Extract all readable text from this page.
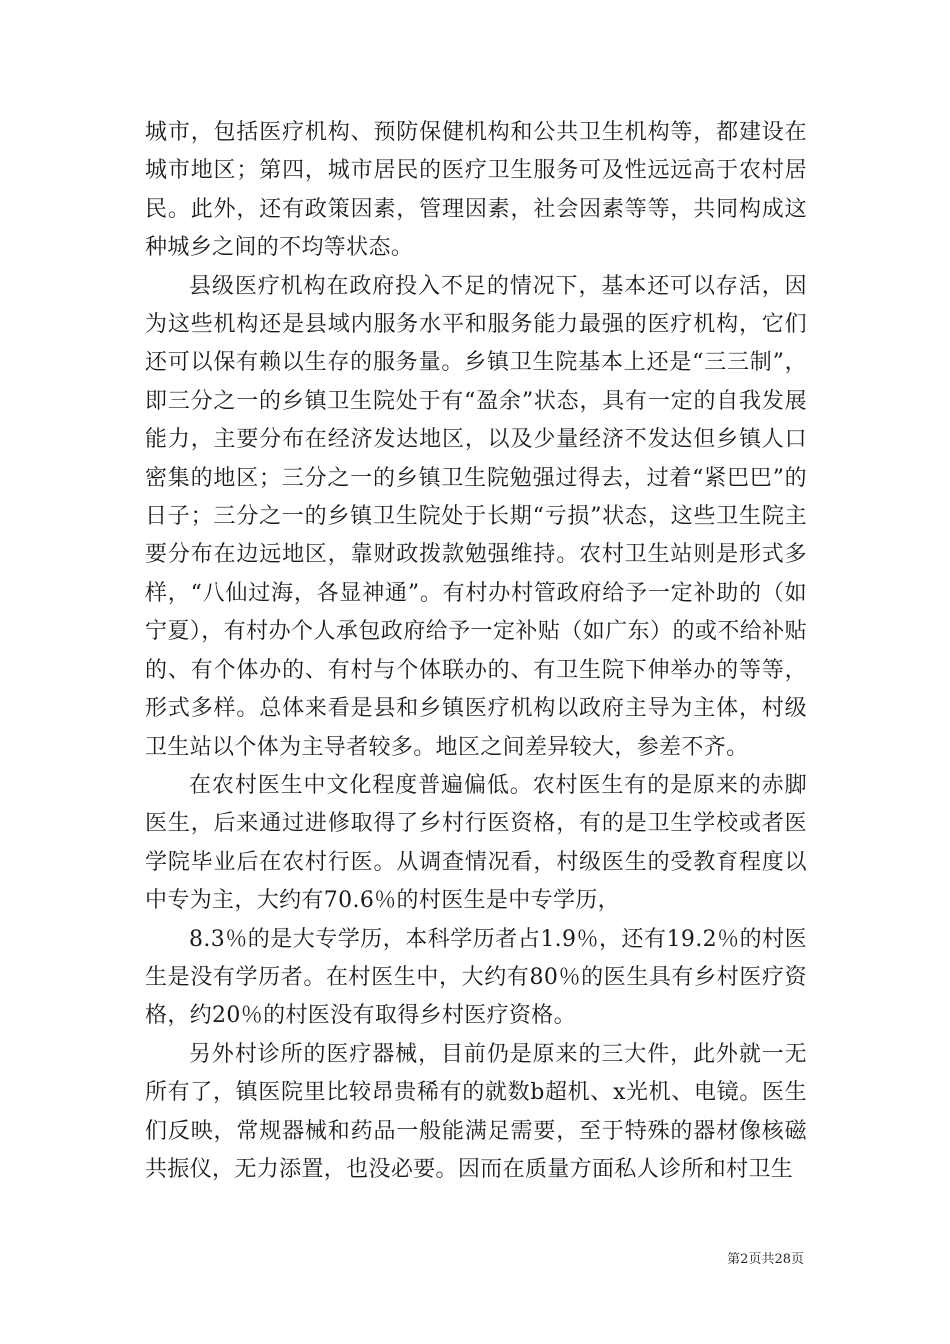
城市，包括医疗机构、预防保健机构和公共卫生机构等，都建设在城市地区；第四，城市居民的医疗卫生服务可及性远远高于农村居民。此外，还有政策因素，管理因素，社会因素等等，共同构成这种城乡之间的不均等状态。

县级医疗机构在政府投入不足的情况下，基本还可以存活，因为这些机构还是县域内服务水平和服务能力最强的医疗机构，它们还可以保有赖以生存的服务量。乡镇卫生院基本上还是“三三制”，即三分之一的乡镇卫生院处于有“盈余”状态，具有一定的自我发展能力，主要分布在经济发达地区，以及少量经济不发达但乡镇人口密集的地区；三分之一的乡镇卫生院勉强过得去，过着“紧巴巴”的日子；三分之一的乡镇卫生院处于长期“亏损”状态，这些卫生院主要分布在边远地区，靠财政拨款勉强维持。农村卫生站则是形式多样，“八仙过海，各显神通”。有村办村管政府给予一定补助的（如宁夏），有村办个人承包政府给予一定补贴（如广东）的或不给补贴的、有个体办的、有村与个体联办的、有卫生院下伸举办的等等，形式多样。总体来看是县和乡镇医疗机构以政府主导为主体，村级卫生站以个体为主导者较多。地区之间差异较大，参差不齐。

在农村医生中文化程度普遍偏低。农村医生有的是原来的赤脚医生，后来通过进修取得了乡村行医资格，有的是卫生学校或者医学院毕业后在农村行医。从调查情况看，村级医生的受教育程度以中专为主，大约有70.6％的村医生是中专学历，

8.3％的是大专学历，本科学历者占1.9％，还有19.2％的村医生是没有学历者。在村医生中，大约有80％的医生具有乡村医疗资格，约20％的村医没有取得乡村医疗资格。

另外村诊所的医疗器械，目前仍是原来的三大件，此外就一无所有了，镇医院里比较昂贵稀有的就数b超机、x光机、电镜。医生们反映，常规器械和药品一般能满足需要，至于特殊的器材像核磁共振仪，无力添置，也没必要。因而在质量方面私人诊所和村卫生

第2页共28页
